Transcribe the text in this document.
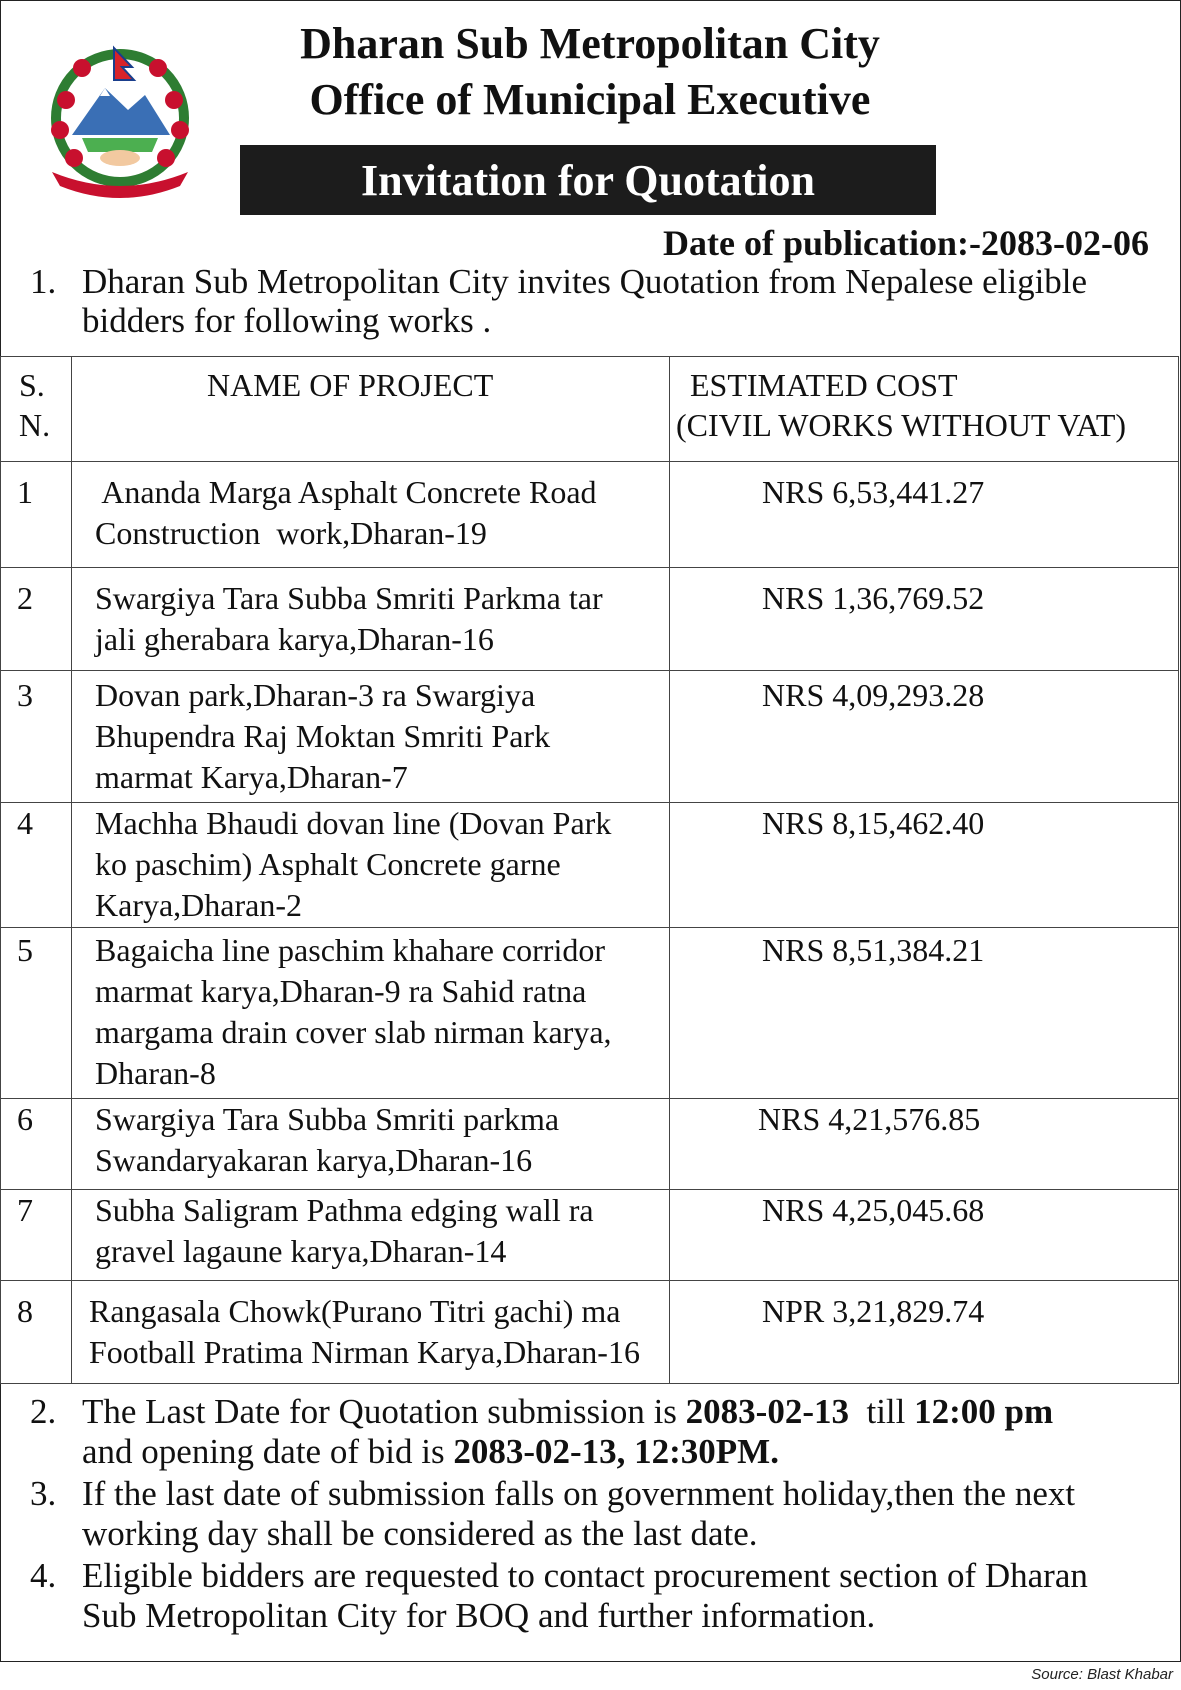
Dharan Sub Metropolitan City
Office of Municipal Executive
Invitation for Quotation
Date of publication:-2083-02-06
1. Dharan Sub Metropolitan City invites Quotation from Nepalese eligible
bidders for following works .
S.
N.	NAME OF PROJECT	ESTIMATED COST
(CIVIL WORKS WITHOUT VAT)

1	Ananda Marga Asphalt Concrete Road
Construction  work,Dharan-19	NRS 6,53,441.27

2	Swargiya Tara Subba Smriti Parkma tar
jali gherabara karya,Dharan-16	NRS 1,36,769.52

3	Dovan park,Dharan-3 ra Swargiya
Bhupendra Raj Moktan Smriti Park
marmat Karya,Dharan-7	NRS 4,09,293.28

4	Machha Bhaudi dovan line (Dovan Park
ko paschim) Asphalt Concrete garne
Karya,Dharan-2	NRS 8,15,462.40

5	Bagaicha line paschim khahare corridor
marmat karya,Dharan-9 ra Sahid ratna
margama drain cover slab nirman karya,
Dharan-8	NRS 8,51,384.21

6	Swargiya Tara Subba Smriti parkma
Swandaryakaran karya,Dharan-16	NRS 4,21,576.85

7	Subha Saligram Pathma edging wall ra
gravel lagaune karya,Dharan-14	NRS 4,25,045.68

8	Rangasala Chowk(Purano Titri gachi) ma
Football Pratima Nirman Karya,Dharan-16	NPR 3,21,829.74

2. The Last Date for Quotation submission is 2083-02-13  till 12:00 pm
and opening date of bid is 2083-02-13, 12:30PM.

3. If the last date of submission falls on government holiday,then the next
working day shall be considered as the last date.

4. Eligible bidders are requested to contact procurement section of Dharan
Sub Metropolitan City for BOQ and further information.

Source: Blast Khabar
